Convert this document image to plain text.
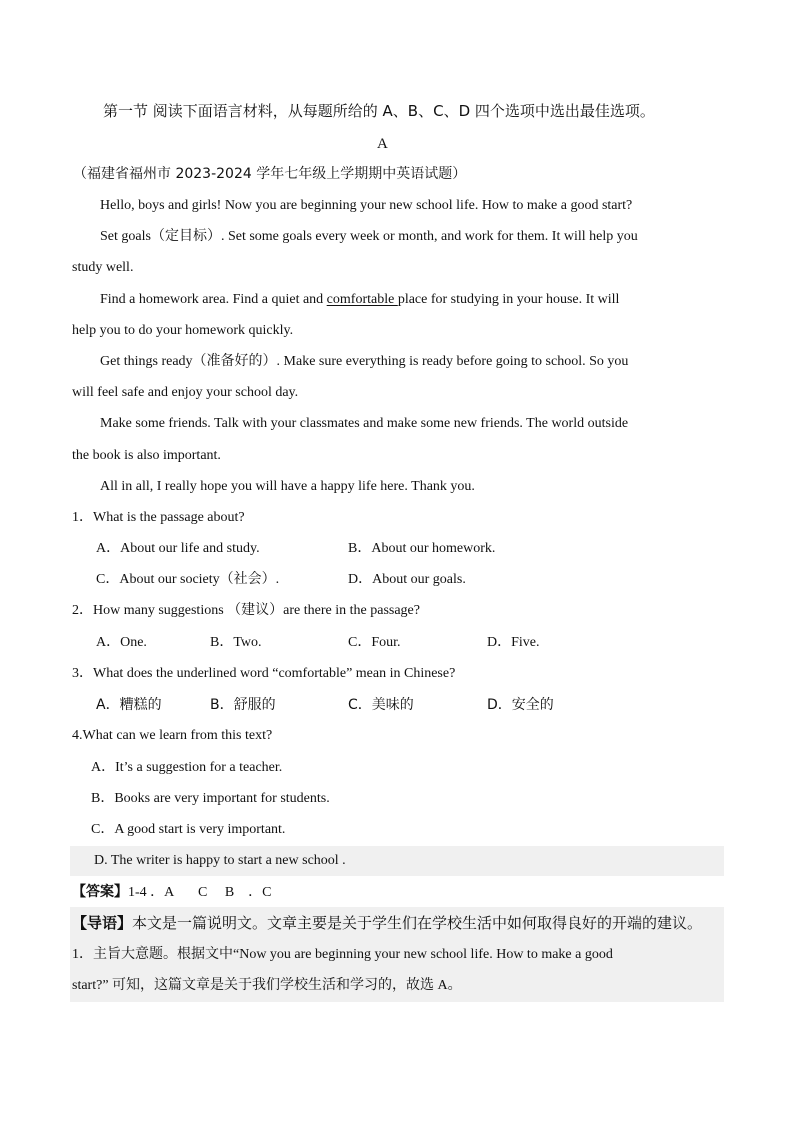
第一节 阅读下面语言材料，从每题所给的 A、B、C、D 四个选项中选出最佳选项。
A
（福建省福州市 2023-2024 学年七年级上学期期中英语试题）
Hello, boys and girls! Now you are beginning your new school life. How to make a good start?
Set goals（定目标）. Set some goals every week or month, and work for them. It will help you
study well.
Find a homework area. Find a quiet and comfortable place for studying in your house. It will
help you to do your homework quickly.
Get things ready（准备好的）. Make sure everything is ready before going to school. So you
will feel safe and enjoy your school day.
Make some friends. Talk with your classmates and make some new friends. The world outside
the book is also important.
All in all, I really hope you will have a happy life here. Thank you.
1．What is the passage about?
A．About our life and study.	B．About our homework.
C．About our society（社会）.	D．About our goals.
2．How many suggestions （建议）are there in the passage?
A．One.	B．Two.	C．Four.	D．Five.
3．What does the underlined word “comfortable” mean in Chinese?
A．糟糕的	B．舒服的	C．美味的	D．安全的
4.What can we learn from this text?
A．It’s a suggestion for a teacher.
B．Books are very important for students.
C．A good start is very important.
D. The writer is happy to start a new school .
【答案】1-4 ．A       C     B    ．C
【导语】本文是一篇说明文。文章主要是关于学生们在学校生活中如何取得良好的开端的建议。
1．主旨大意题。根据文中“Now you are beginning your new school life. How to make a good
start?” 可知，这篇文章是关于我们学校生活和学习的，故选 A。
